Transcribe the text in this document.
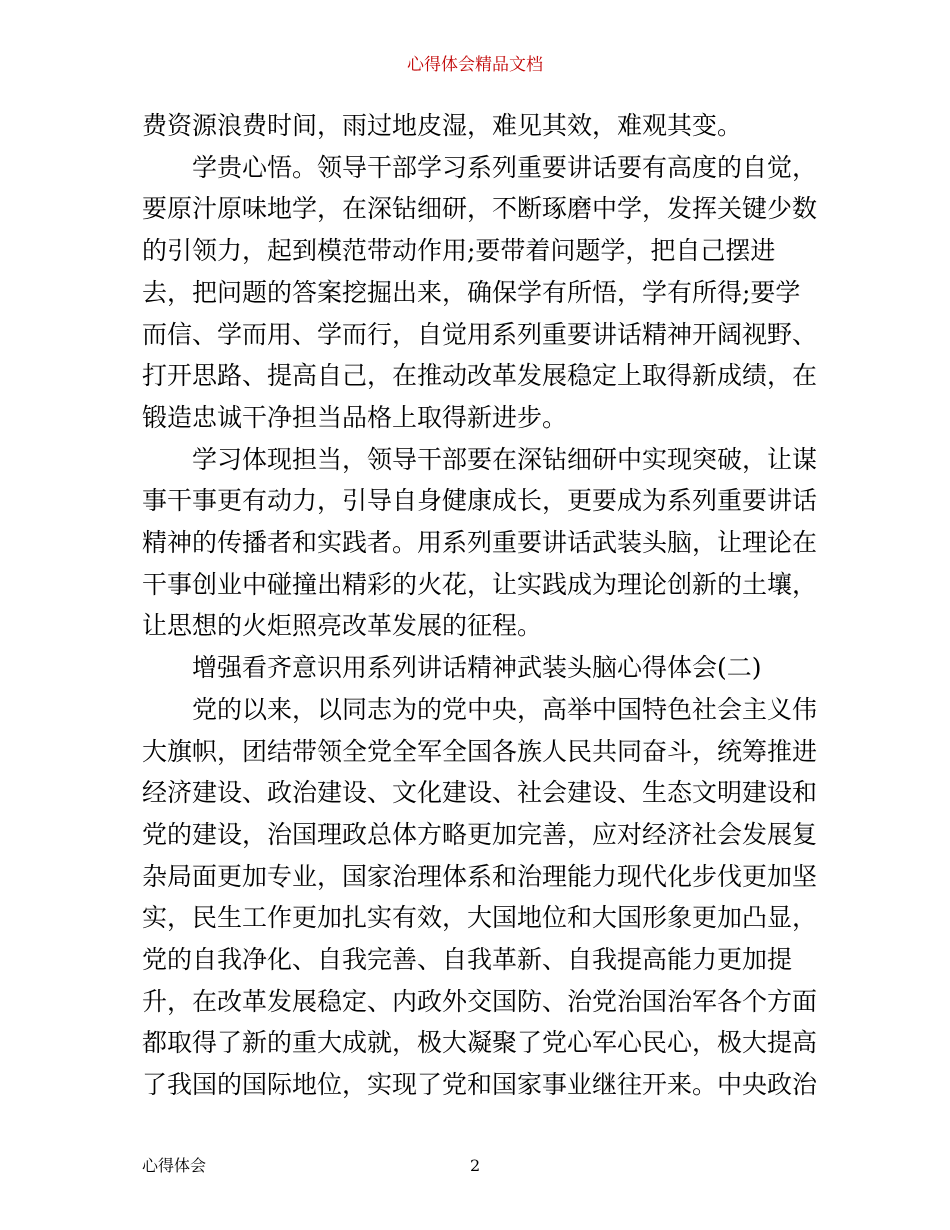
心得体会精品文档

费资源浪费时间，雨过地皮湿，难见其效，难观其变。

学贵心悟。领导干部学习系列重要讲话要有高度的自觉，

要原汁原味地学，在深钻细研，不断琢磨中学，发挥关键少数

的引领力，起到模范带动作用;要带着问题学，把自己摆进

去，把问题的答案挖掘出来，确保学有所悟，学有所得;要学

而信、学而用、学而行，自觉用系列重要讲话精神开阔视野、

打开思路、提高自己，在推动改革发展稳定上取得新成绩，在

锻造忠诚干净担当品格上取得新进步。

学习体现担当，领导干部要在深钻细研中实现突破，让谋

事干事更有动力，引导自身健康成长，更要成为系列重要讲话

精神的传播者和实践者。用系列重要讲话武装头脑，让理论在

干事创业中碰撞出精彩的火花，让实践成为理论创新的土壤，

让思想的火炬照亮改革发展的征程。

增强看齐意识用系列讲话精神武装头脑心得体会(二)

党的以来，以同志为的党中央，高举中国特色社会主义伟

大旗帜，团结带领全党全军全国各族人民共同奋斗，统筹推进

经济建设、政治建设、文化建设、社会建设、生态文明建设和

党的建设，治国理政总体方略更加完善，应对经济社会发展复

杂局面更加专业，国家治理体系和治理能力现代化步伐更加坚

实，民生工作更加扎实有效，大国地位和大国形象更加凸显，

党的自我净化、自我完善、自我革新、自我提高能力更加提

升，在改革发展稳定、内政外交国防、治党治国治军各个方面

都取得了新的重大成就，极大凝聚了党心军心民心，极大提高

了我国的国际地位，实现了党和国家事业继往开来。中央政治

心得体会	2
